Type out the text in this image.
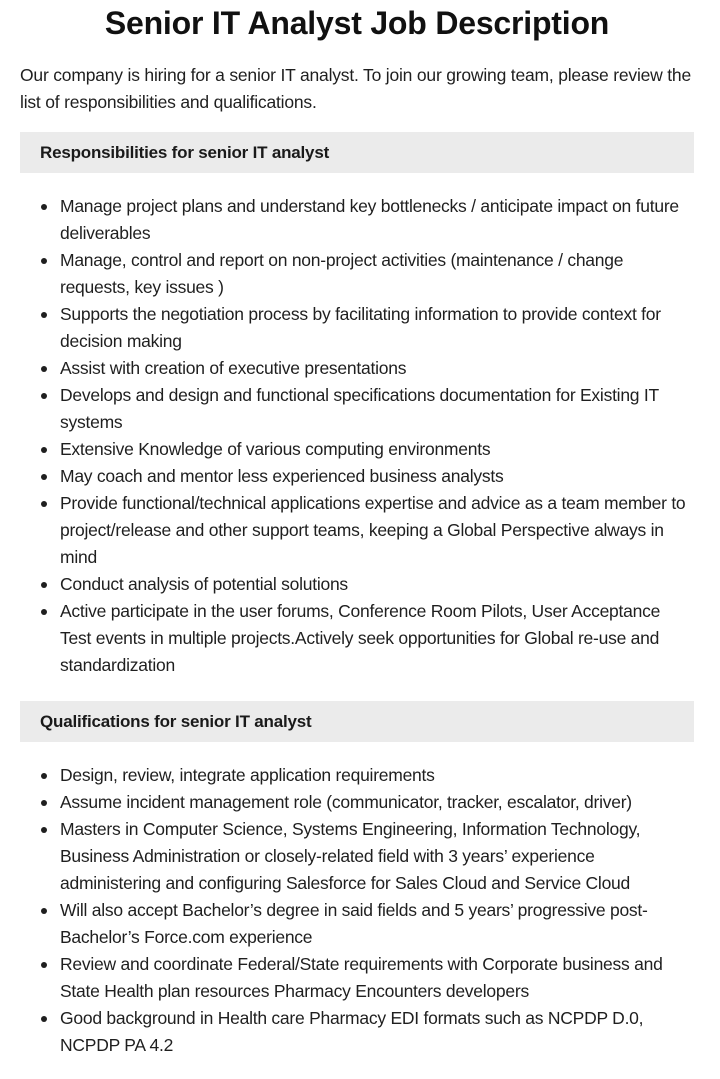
Senior IT Analyst Job Description

Our company is hiring for a senior IT analyst. To join our growing team, please review the list of responsibilities and qualifications.

Responsibilities for senior IT analyst
Manage project plans and understand key bottlenecks / anticipate impact on future deliverables
Manage, control and report on non-project activities (maintenance / change requests, key issues )
Supports the negotiation process by facilitating information to provide context for decision making
Assist with creation of executive presentations
Develops and design and functional specifications documentation for Existing IT systems
Extensive Knowledge of various computing environments
May coach and mentor less experienced business analysts
Provide functional/technical applications expertise and advice as a team member to project/release and other support teams, keeping a Global Perspective always in mind
Conduct analysis of potential solutions
Active participate in the user forums, Conference Room Pilots, User Acceptance Test events in multiple projects.Actively seek opportunities for Global re-use and standardization
Qualifications for senior IT analyst
Design, review, integrate application requirements
Assume incident management role (communicator, tracker, escalator, driver)
Masters in Computer Science, Systems Engineering, Information Technology, Business Administration or closely-related field with 3 years’ experience administering and configuring Salesforce for Sales Cloud and Service Cloud
Will also accept Bachelor’s degree in said fields and 5 years’ progressive post-Bachelor’s Force.com experience
Review and coordinate Federal/State requirements with Corporate business and State Health plan resources Pharmacy Encounters developers
Good background in Health care Pharmacy EDI formats such as NCPDP D.0, NCPDP PA 4.2
